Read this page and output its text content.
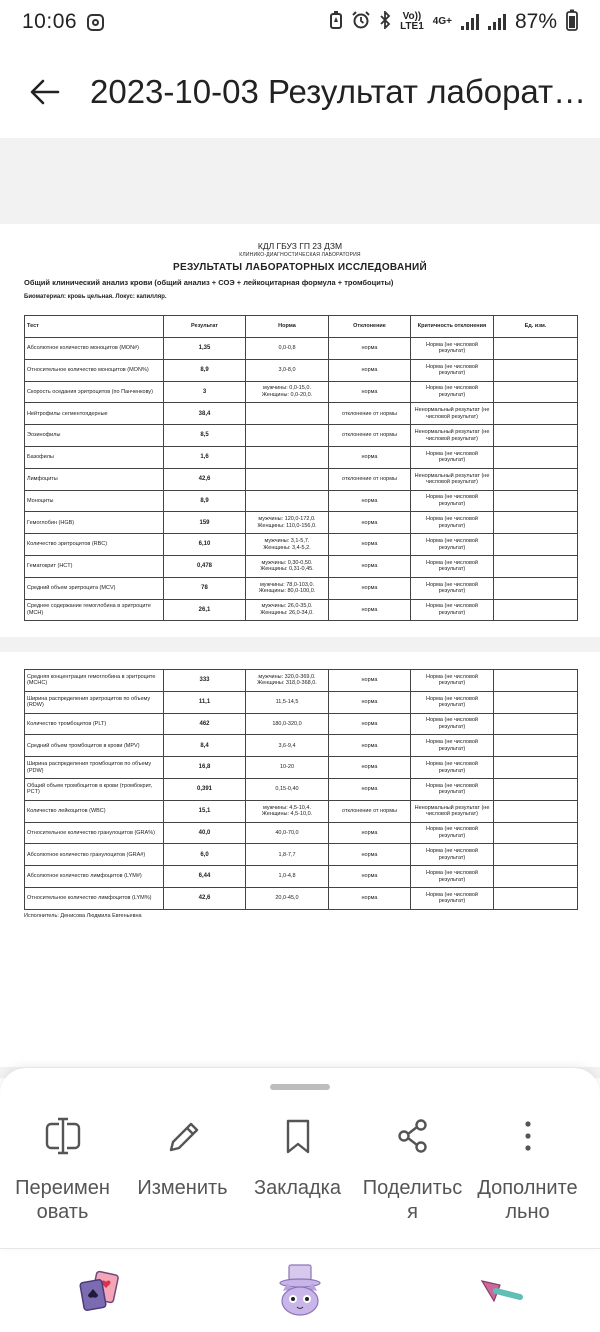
10:06	Vo))
LTE1 4G+	87%
2023-10-03 Результат лаборат…
КДЛ ГБУЗ ГП 23 ДЗМ
КЛИНИКО-ДИАГНОСТИЧЕСКАЯ ЛАБОРАТОРИЯ
РЕЗУЛЬТАТЫ ЛАБОРАТОРНЫХ ИССЛЕДОВАНИЙ
Общий клинический анализ крови (общий анализ + СОЭ + лейкоцитарная формула + тромбоциты)
Биоматериал: кровь цельная. Локус: капилляр.
Тест	Результат	Норма	Отклонение	Критичность отклонения	Ед. изм.
Абсолютное количество моноцитов (MON#)	1,35	0,0-0,8	норма	Норма (не числовой результат)	
Относительное количество моноцитов (MON%)	8,9	3,0-8,0	норма	Норма (не числовой результат)	
Скорость оседания эритроцитов (по Панченкову)	3	мужчины: 0,0-15,0.
Женщины: 0,0-20,0.	норма	Норма (не числовой результат)	
Нейтрофилы сегментоядерные	38,4		отклонение от нормы	Ненормальный результат (не числовой результат)	
Эозинофилы	8,5		отклонение от нормы	Ненормальный результат (не числовой результат)	
Базофилы	1,6		норма	Норма (не числовой результат)	
Лимфоциты	42,6		отклонение от нормы	Ненормальный результат (не числовой результат)	
Моноциты	8,9		норма	Норма (не числовой результат)	
Гемоглобин (HGB)	159	мужчины: 120,0-172,0.
Женщины: 110,0-156,0.	норма	Норма (не числовой результат)	
Количество эритроцитов (RBC)	6,10	мужчины: 3,1-5,7.
Женщины: 3,4-5,2.	норма	Норма (не числовой результат)	
Гематокрит (HCT)	0,478	мужчины: 0,30-0,50.
Женщины: 0,31-0,45.	норма	Норма (не числовой результат)	
Средний объем эритроцита (MCV)	78	мужчины: 78,0-103,0.
Женщины: 80,0-100,0.	норма	Норма (не числовой результат)	
Среднее содержание гемоглобина в эритроците (MCH)	26,1	мужчины: 26,0-35,0.
Женщины: 26,0-34,0.	норма	Норма (не числовой результат)	
Средняя концентрация гемоглобина в эритроците (MCHC)	333	мужчины: 320,0-369,0.
Женщины: 318,0-368,0.	норма	Норма (не числовой результат)	
Ширина распределения эритроцитов по объему (RDW)	11,1	11,5-14,5	норма	Норма (не числовой результат)	
Количество тромбоцитов (PLT)	462	180,0-320,0	норма	Норма (не числовой результат)	
Средний объем тромбоцитов в крови (MPV)	8,4	3,6-9,4	норма	Норма (не числовой результат)	
Ширина распределения тромбоцитов по объему (PDW)	16,8	10-20	норма	Норма (не числовой результат)	
Общий объем тромбоцитов в крови (тромбокрит, PCT)	0,391	0,15-0,40	норма	Норма (не числовой результат)	
Количество лейкоцитов (WBC)	15,1	мужчины: 4,5-10,4.
Женщины: 4,5-10,0.	отклонение от нормы	Ненормальный результат (не числовой результат)	
Относительное количество гранулоцитов (GRA%)	40,0	40,0-70,0	норма	Норма (не числовой результат)	
Абсолютное количество гранулоцитов (GRA#)	6,0	1,8-7,7	норма	Норма (не числовой результат)	
Абсолютное количество лимфоцитов (LYM#)	6,44	1,0-4,8	норма	Норма (не числовой результат)	
Относительное количество лимфоцитов (LYM%)	42,6	20,0-45,0	норма	Норма (не числовой результат)	
Исполнитель: Денисова Людмила Евгеньевна
Переимен
овать
Изменить Закладка Поделитьс
я
Дополните
льно
